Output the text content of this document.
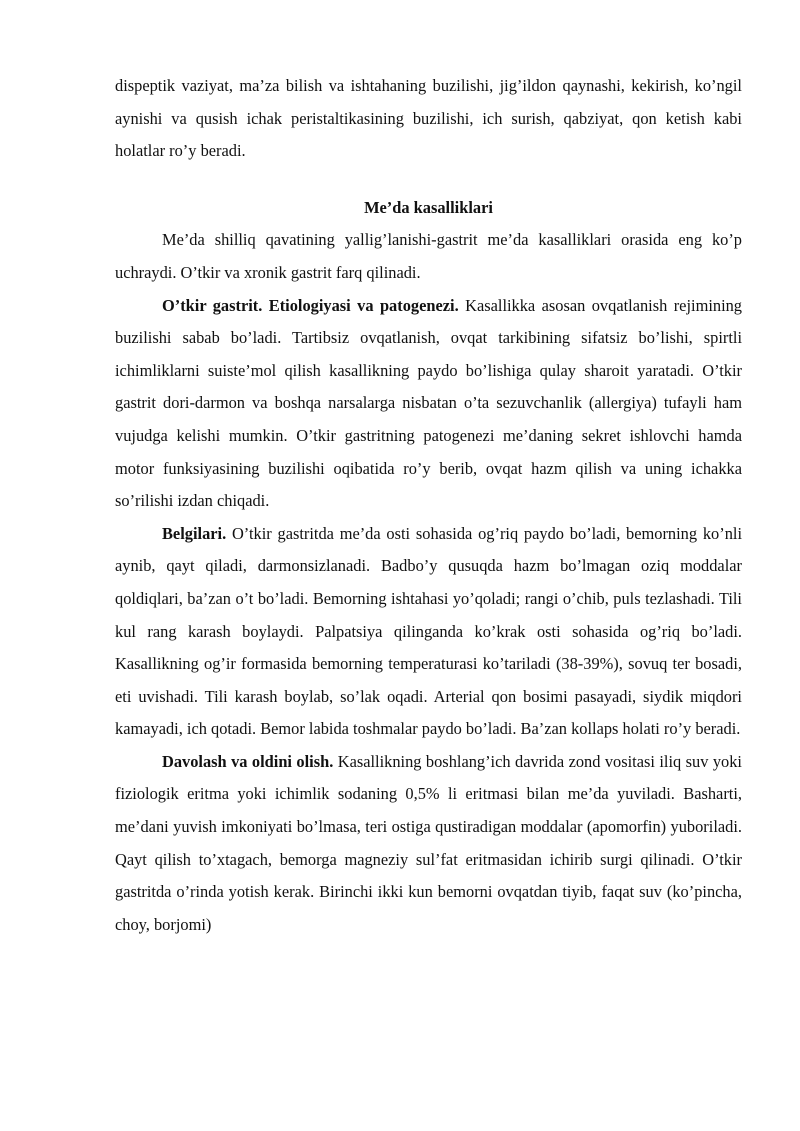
dispeptik vaziyat, ma’za bilish va ishtahaning buzilishi, jig’ildon qaynashi, kekirish, ko’ngil aynishi va qusish ichak peristaltikasining buzilishi, ich surish, qabziyat, qon ketish kabi holatlar ro’y beradi.

Me’da kasalliklari

Me’da shilliq qavatining yallig’lanishi-gastrit me’da kasalliklari orasida eng ko’p uchraydi. O’tkir va xronik gastrit farq qilinadi.

O’tkir gastrit. Etiologiyasi va patogenezi. Kasallikka asosan ovqatlanish rejimining buzilishi sabab bo’ladi. Tartibsiz ovqatlanish, ovqat tarkibining sifatsiz bo’lishi, spirtli ichimliklarni suiste’mol qilish kasallikning paydo bo’lishiga qulay sharoit yaratadi. O’tkir gastrit dori-darmon va boshqa narsalarga nisbatan o’ta sezuvchanlik (allergiya) tufayli ham vujudga kelishi mumkin. O’tkir gastritning patogenezi me’daning sekret ishlovchi hamda motor funksiyasining buzilishi oqibatida ro’y berib, ovqat hazm qilish va uning ichakka so’rilishi izdan chiqadi.

Belgilari. O’tkir gastritda me’da osti sohasida og’riq paydo bo’ladi, bemorning ko’nli aynib, qayt qiladi, darmonsizlanadi. Badbo’y qusuqda hazm bo’lmagan oziq moddalar qoldiqlari, ba’zan o’t bo’ladi. Bemorning ishtahasi yo’qoladi; rangi o’chib, puls tezlashadi. Tili kul rang karash boylaydi. Palpatsiya qilinganda ko’krak osti sohasida og’riq bo’ladi. Kasallikning og’ir formasida bemorning temperaturasi ko’tariladi (38-39%), sovuq ter bosadi, eti uvishadi. Tili karash boylab, so’lak oqadi. Arterial qon bosimi pasayadi, siydik miqdori kamayadi, ich qotadi. Bemor labida toshmalar paydo bo’ladi. Ba’zan kollaps holati ro’y beradi.

Davolash va oldini olish. Kasallikning boshlang’ich davrida zond vositasi iliq suv yoki fiziologik eritma yoki ichimlik sodaning 0,5% li eritmasi bilan me’da yuviladi. Basharti, me’dani yuvish imkoniyati bo’lmasa, teri ostiga qustiradigan moddalar (apomorfin) yuboriladi. Qayt qilish to’xtagach, bemorga magneziy sul’fat eritmasidan ichirib surgi qilinadi. O’tkir gastritda o’rinda yotish kerak. Birinchi ikki kun bemorni ovqatdan tiyib, faqat suv (ko’pincha, choy, borjomi)
